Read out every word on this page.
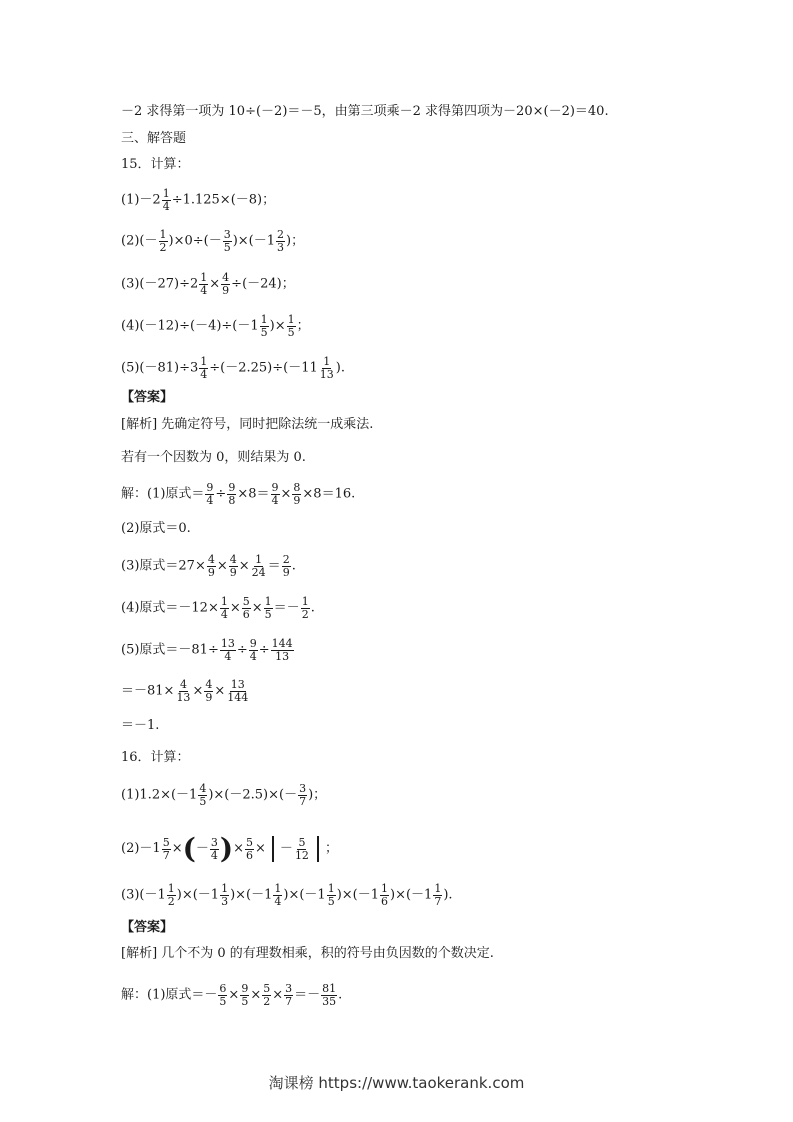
－2 求得第一项为 10÷(－2)＝－5，由第三项乘－2 求得第四项为－20×(－2)＝40.
三、解答题
15．计算：
$(1)-2 \frac{1}{4} \div 1.125\times(-8)$；
$(2)(- \frac{1}{2} )\times 0\div(- \frac{3}{5} )\times(-1 \frac{2}{3}$ )；
$(3)(-27)\div 2 \frac{1}{4} \times \frac{4}{9} \div(-24)$；
$(4)(-12)\div(-4)\div(-1 \frac{1}{5}$ )× $\frac{1}{5}$ ；
$(5)(-81)\div 3 \frac{1}{4} \div(-2.25)\div(-11 \frac{1}{13}$ ).
【答案】
[解析] 先确定符号，同时把除法统一成乘法.
若有一个因数为 0，则结果为 0.
解：(1)原式＝ $\frac{9}{4} \div \frac{9}{8} \times 8= \frac{9}{4} \times \frac{8}{9} \times 8=16$.
(2)原式＝0.
(3)原式$=27\times \frac{4}{9} \times \frac{4}{9} \times \frac{1}{24} = \frac{2}{9}$ .
(4)原式$=-12\times \frac{1}{4} \times \frac{5}{6} \times \frac{1}{5} =- \frac{1}{2}$ .
(5)原式$=-81\div \frac{13}{4} \div \frac{9}{4} \div \frac{144}{13}$
$=-81\times \frac{4}{13} \times \frac{4}{9} \times \frac{13}{144}$
＝－1.
16．计算：
$(1)1.2\times(-1 \frac{4}{5} )\times(-2.5)\times(- \frac{3}{7}$ )；
$(2)-1 \frac{5}{7}$ ×(－ $\frac{3}{4}$ )× $\frac{5}{6}$ × － $\frac{5}{12}$ ；
$(3)(-1 \frac{1}{2} )\times(-1 \frac{1}{3} )\times(-1 \frac{1}{4} )\times(-1 \frac{1}{5} )\times(-1 \frac{1}{6} )\times(-1 \frac{1}{7}$ ).
【答案】
[解析] 几个不为 0 的有理数相乘，积的符号由负因数的个数决定.
解：(1)原式＝－ $\frac{6}{5} \times \frac{9}{5} \times \frac{5}{2} \times \frac{3}{7} =- \frac{81}{35}$ .
淘课榜 https://www.taokerank.com
